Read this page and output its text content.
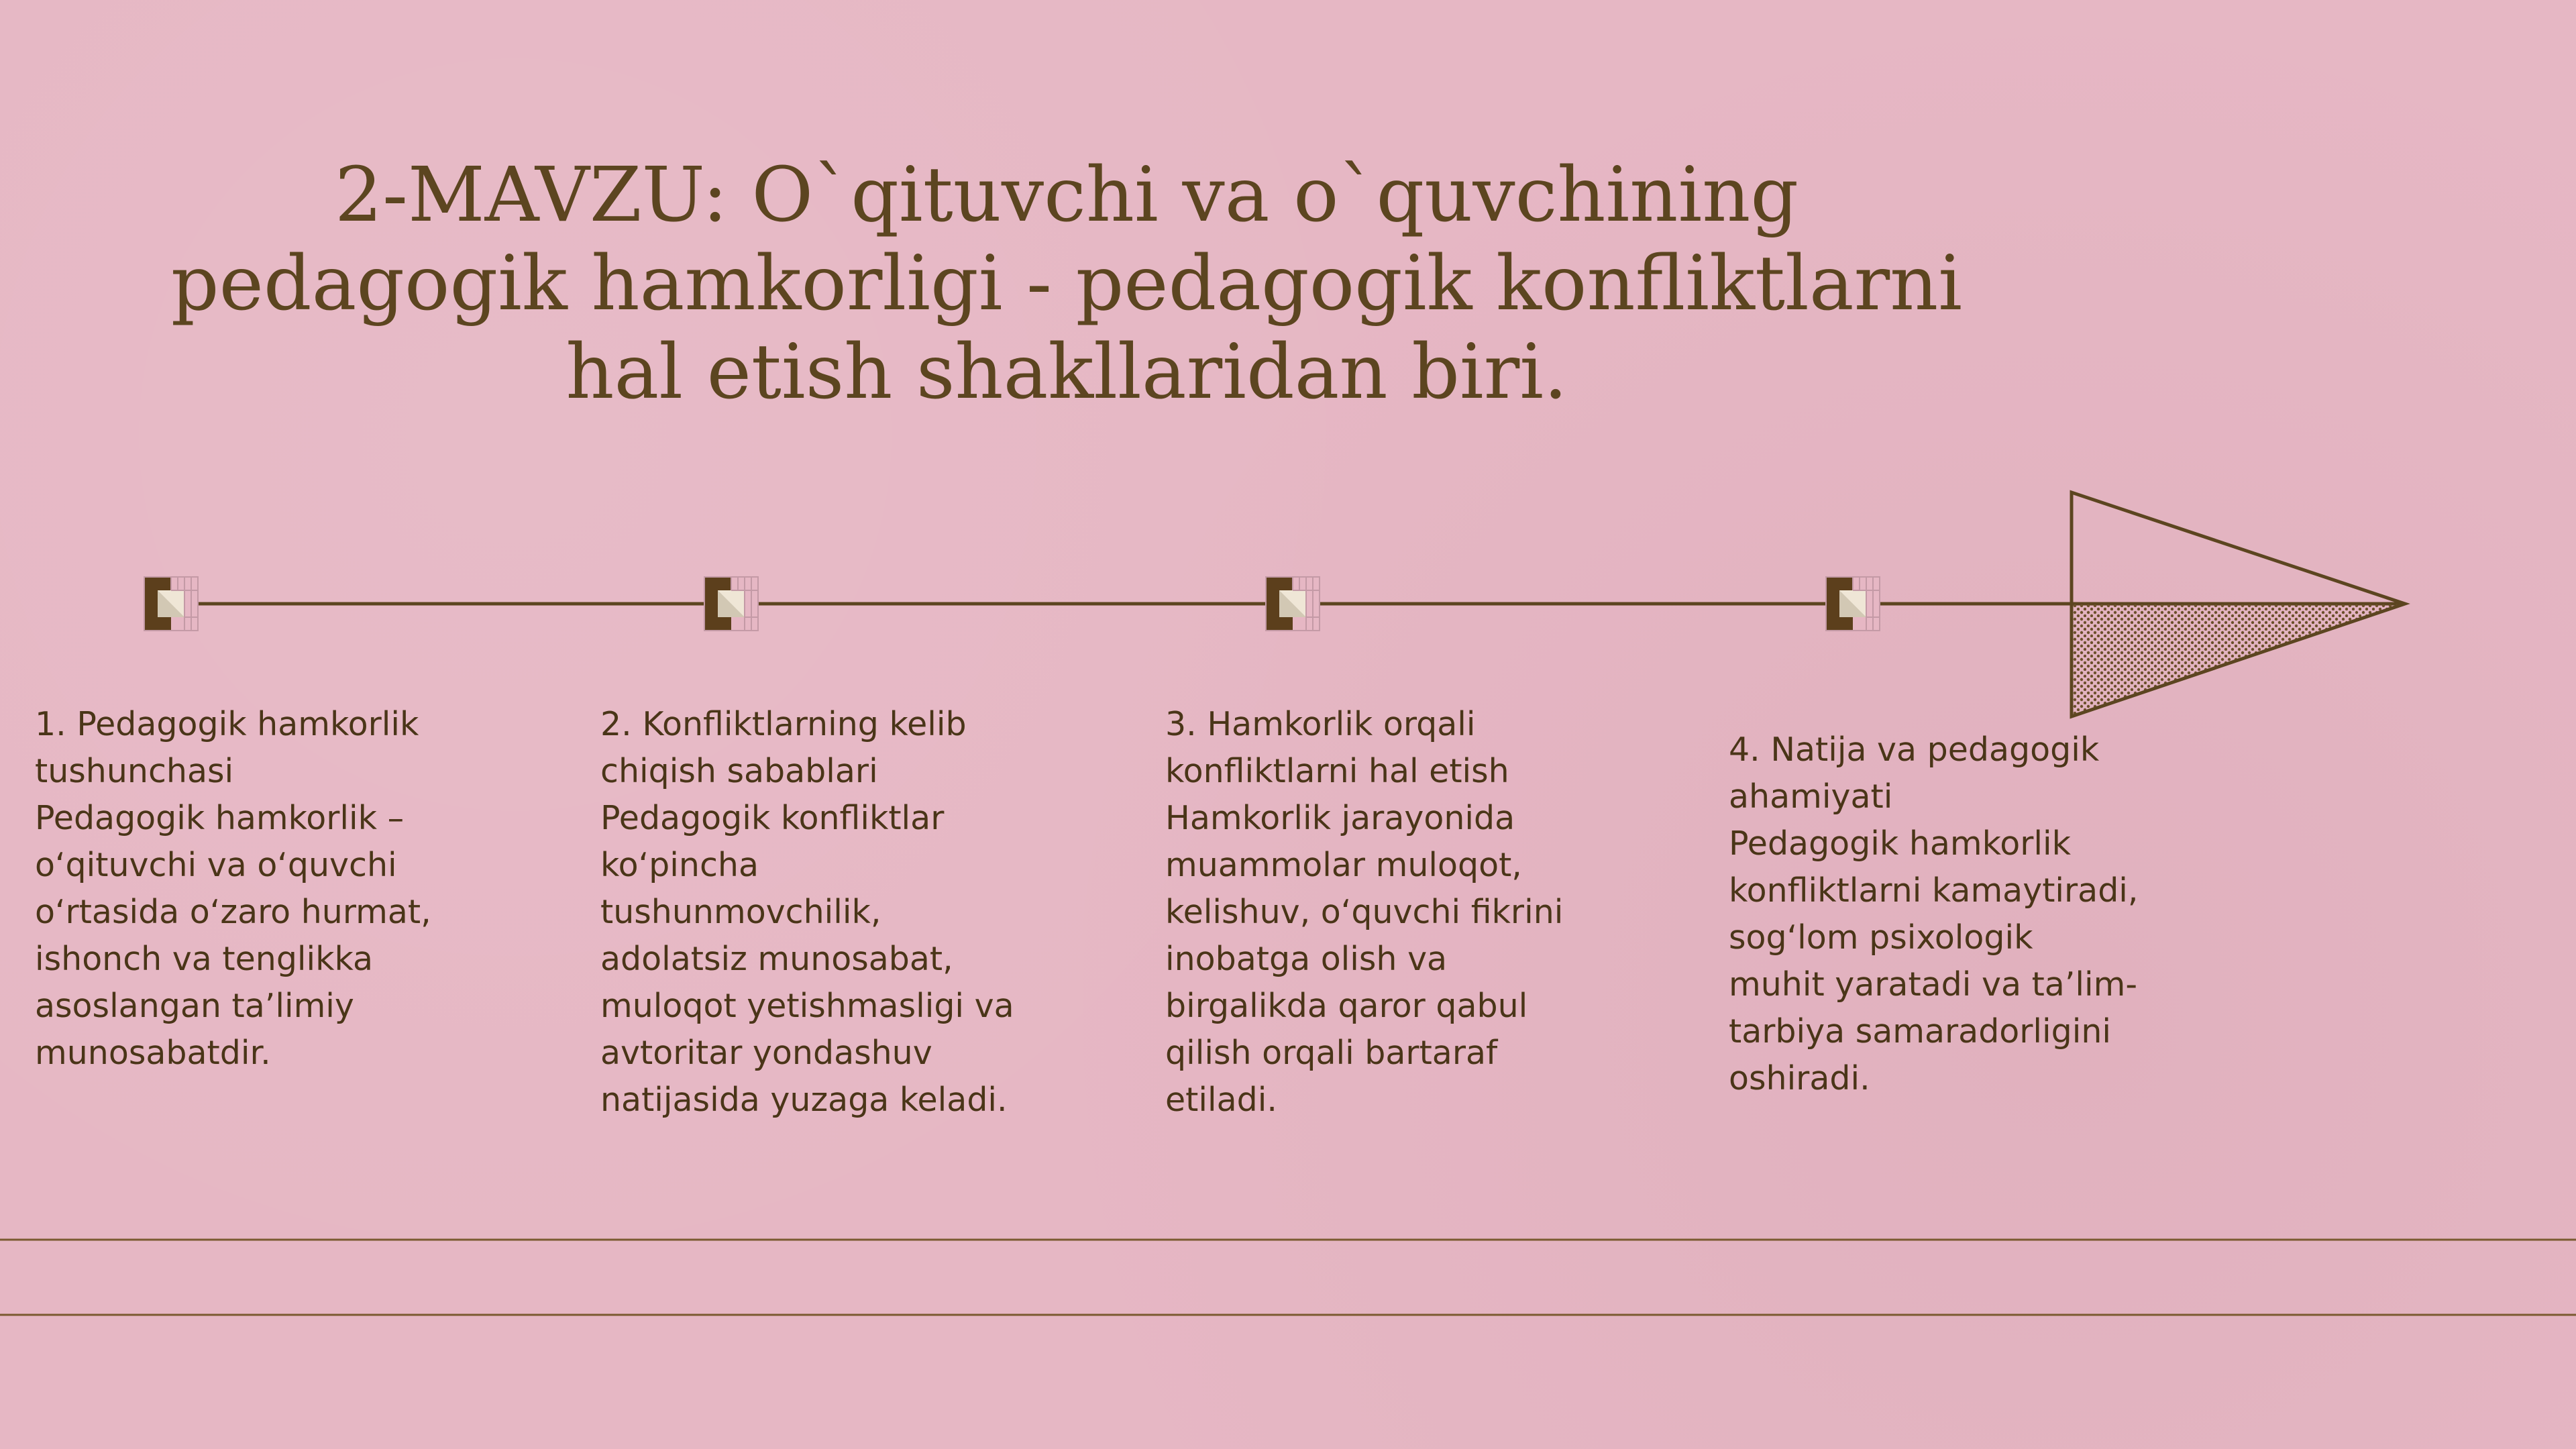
2-MAVZU: O`qituvchi va o`quvchining
pedagogik hamkorligi - pedagogik konfliktlarni
hal etish shakllaridan biri.
1. Pedagogik hamkorlik
tushunchasi
Pedagogik hamkorlik –
o‘qituvchi va o‘quvchi
o‘rtasida o‘zaro hurmat,
ishonch va tenglikka
asoslangan ta’limiy
munosabatdir.
2. Konfliktlarning kelib
chiqish sabablari
Pedagogik konfliktlar
ko‘pincha
tushunmovchilik,
adolatsiz munosabat,
muloqot yetishmasligi va
avtoritar yondashuv
natijasida yuzaga keladi.
3. Hamkorlik orqali
konfliktlarni hal etish
Hamkorlik jarayonida
muammolar muloqot,
kelishuv, o‘quvchi fikrini
inobatga olish va
birgalikda qaror qabul
qilish orqali bartaraf
etiladi.
4. Natija va pedagogik
ahamiyati
Pedagogik hamkorlik
konfliktlarni kamaytiradi,
sog‘lom psixologik
muhit yaratadi va ta’lim-
tarbiya samaradorligini
oshiradi.
